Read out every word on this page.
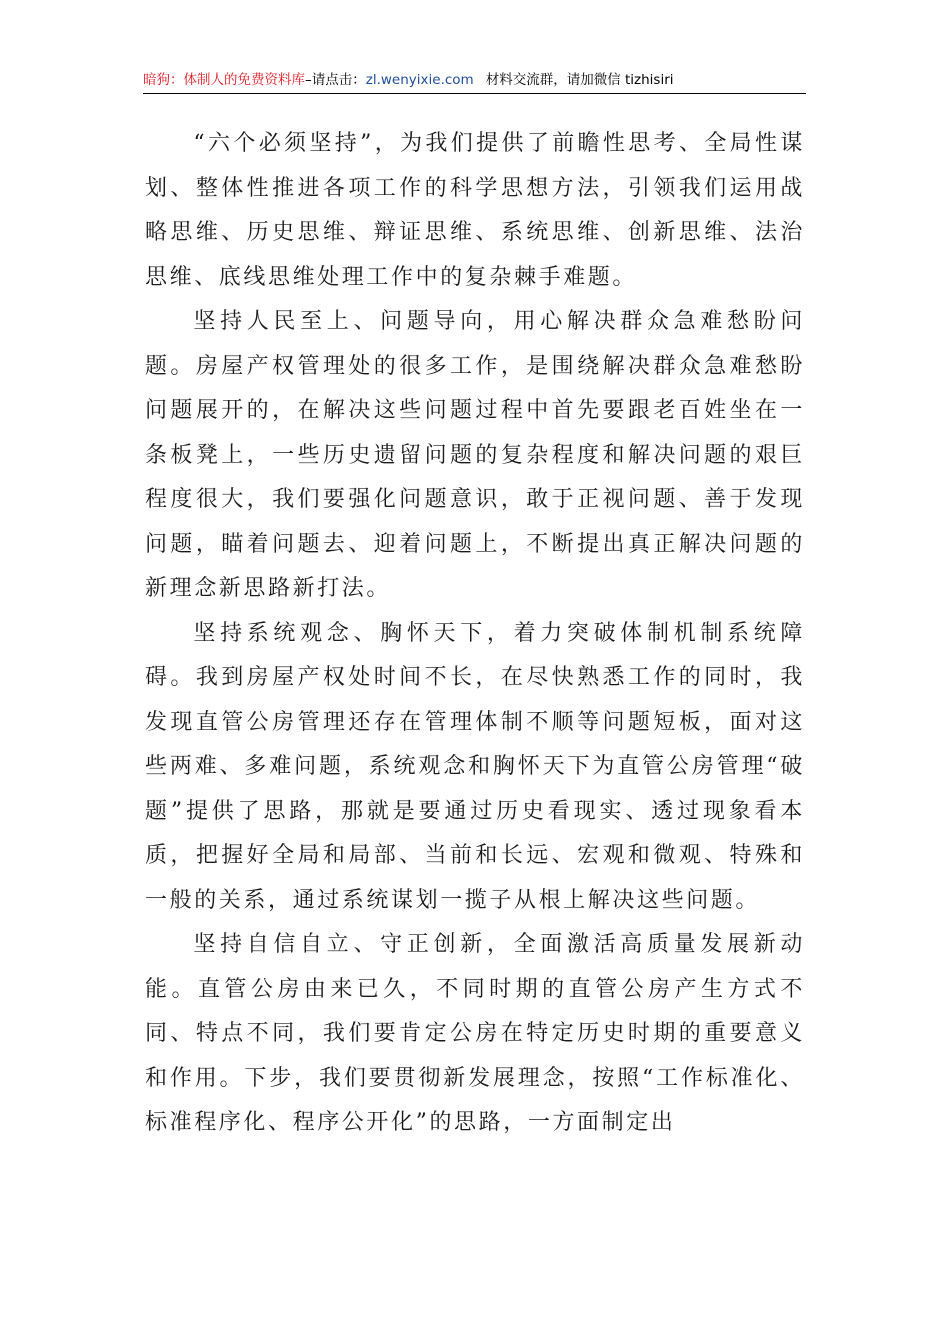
暗狗：体制人的免费资料库–请点击：zl.wenyixie.com 材料交流群，请加微信 tizhisiri

“六个必须坚持”，为我们提供了前瞻性思考、全局性谋划、整体性推进各项工作的科学思想方法，引领我们运用战略思维、历史思维、辩证思维、系统思维、创新思维、法治思维、底线思维处理工作中的复杂棘手难题。

坚持人民至上、问题导向，用心解决群众急难愁盼问题。房屋产权管理处的很多工作，是围绕解决群众急难愁盼问题展开的，在解决这些问题过程中首先要跟老百姓坐在一条板凳上，一些历史遗留问题的复杂程度和解决问题的艰巨程度很大，我们要强化问题意识，敢于正视问题、善于发现问题，瞄着问题去、迎着问题上，不断提出真正解决问题的新理念新思路新打法。

坚持系统观念、胸怀天下，着力突破体制机制系统障碍。我到房屋产权处时间不长，在尽快熟悉工作的同时，我发现直管公房管理还存在管理体制不顺等问题短板，面对这些两难、多难问题，系统观念和胸怀天下为直管公房管理“破题”提供了思路，那就是要通过历史看现实、透过现象看本质，把握好全局和局部、当前和长远、宏观和微观、特殊和一般的关系，通过系统谋划一揽子从根上解决这些问题。

坚持自信自立、守正创新，全面激活高质量发展新动能。直管公房由来已久，不同时期的直管公房产生方式不同、特点不同，我们要肯定公房在特定历史时期的重要意义和作用。下步，我们要贯彻新发展理念，按照“工作标准化、标准程序化、程序公开化”的思路，一方面制定出
